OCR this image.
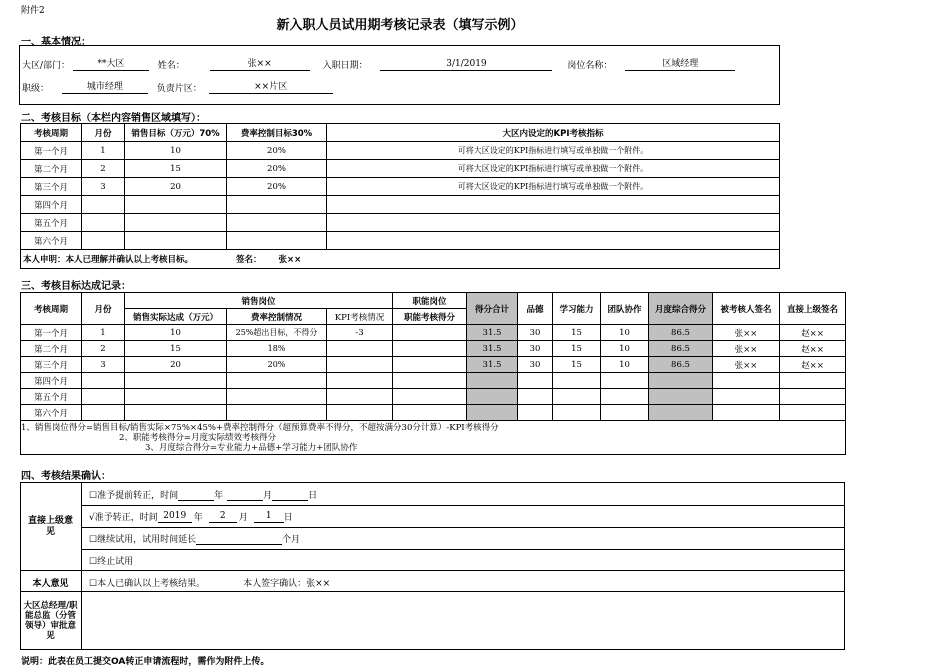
附件2
新入职人员试用期考核记录表（填写示例）
一、基本情况：
大区/部门：	**大区	姓名：	张××	入职日期：	3/1/2019	岗位名称：	区域经理
职级：	城市经理	负责片区：	××片区
二、考核目标（本栏内容销售区域填写）：
考核周期	月份	销售目标（万元）70%	费率控制目标30%	大区内设定的KPI考核指标
第一个月	1	10	20%	可将大区设定的KPI指标进行填写或单独做一个附件。
第二个月	2	15	20%	可将大区设定的KPI指标进行填写或单独做一个附件。
第三个月	3	20	20%	可将大区设定的KPI指标进行填写或单独做一个附件。
第四个月				
第五个月				
第六个月				
本人申明：本人已理解并确认以上考核目标。 签名： 张××				
三、考核目标达成记录：
考核周期	月份	销售岗位			职能岗位	得分合计	品德	学习能力	团队协作	月度综合得分	被考核人签名	直接上级签名
		销售实际达成（万元）	费率控制情况	KPI考核情况	职能考核得分							
第一个月	1	10	25%超出目标，不得分	-3		31.5	30	15	10	86.5	张××	赵××
第二个月	2	15	18%			31.5	30	15	10	86.5	张××	赵××
第三个月	3	20	20%			31.5	30	15	10	86.5	张××	赵××
第四个月												
第五个月												
第六个月												

1、销售岗位得分=销售目标/销售实际×75%×45%+费率控制得分（超预算费率不得分，不超按满分30分计算）-KPI考核得分
2、职能考核得分=月度实际绩效考核得分
3、月度综合得分=专业能力+品德+学习能力+团队协作												
四、考核结果确认：
直接上级意见
☐准予提前转正，时间	年	月	日
√准予转正，时间 2019 年 2 月 1 日
☐继续试用，试用时间延长	个月
☐终止试用
本人意见	☐本人已确认以上考核结果。	本人签字确认：张××
大区总经理/职能总监（分管领导）审批意见
说明：此表在员工提交OA转正申请流程时，需作为附件上传。
